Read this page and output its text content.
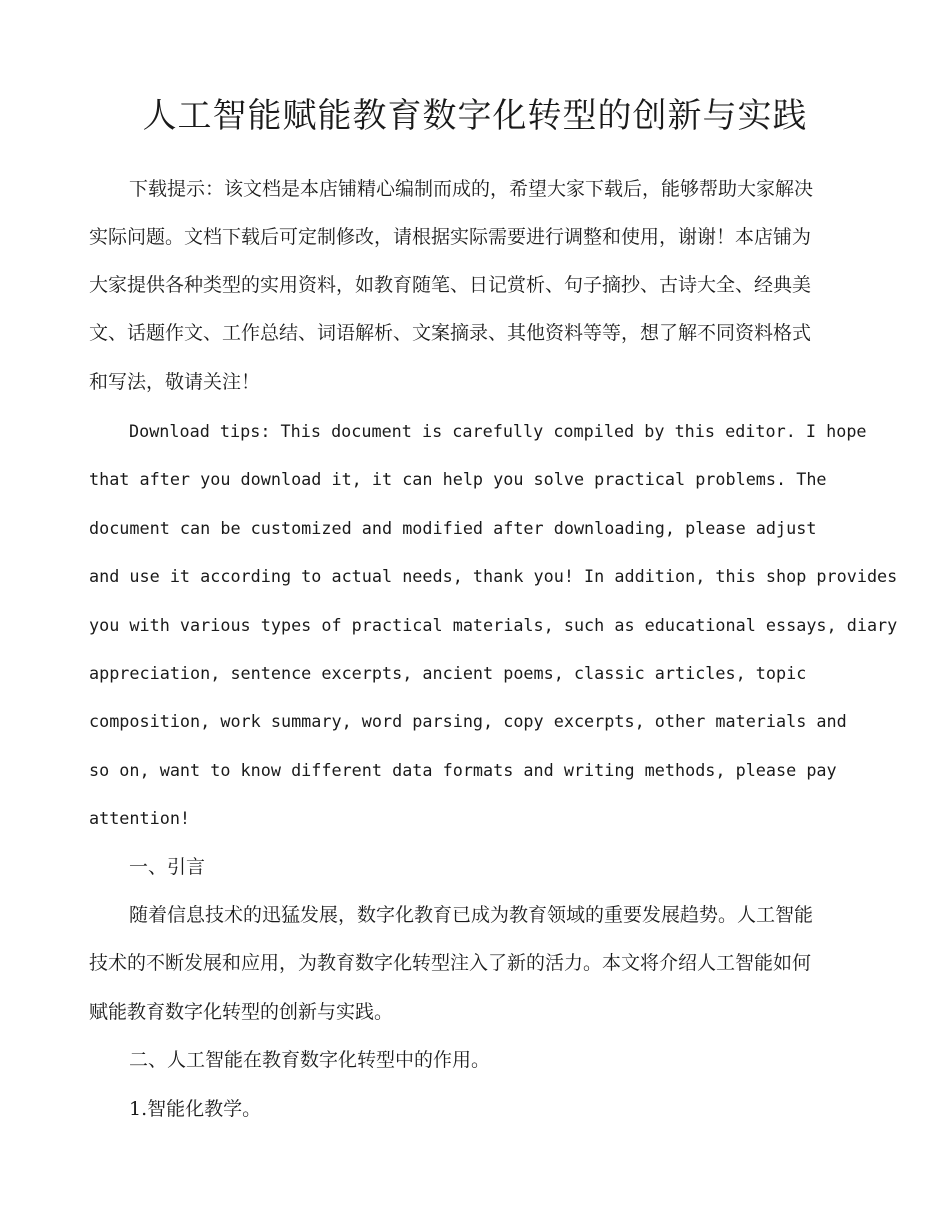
人工智能赋能教育数字化转型的创新与实践

下载提示：该文档是本店铺精心编制而成的，希望大家下载后，能够帮助大家解决

实际问题。文档下载后可定制修改，请根据实际需要进行调整和使用，谢谢！本店铺为

大家提供各种类型的实用资料，如教育随笔、日记赏析、句子摘抄、古诗大全、经典美

文、话题作文、工作总结、词语解析、文案摘录、其他资料等等，想了解不同资料格式

和写法，敬请关注！

Download tips: This document is carefully compiled by this editor. I hope

that after you download it, it can help you solve practical problems. The

document can be customized and modified after downloading, please adjust

and use it according to actual needs, thank you! In addition, this shop provides

you with various types of practical materials, such as educational essays, diary

appreciation, sentence excerpts, ancient poems, classic articles, topic

composition, work summary, word parsing, copy excerpts, other materials and

so on, want to know different data formats and writing methods, please pay

attention!

一、引言

随着信息技术的迅猛发展，数字化教育已成为教育领域的重要发展趋势。人工智能

技术的不断发展和应用，为教育数字化转型注入了新的活力。本文将介绍人工智能如何

赋能教育数字化转型的创新与实践。

二、人工智能在教育数字化转型中的作用。

1.智能化教学。
